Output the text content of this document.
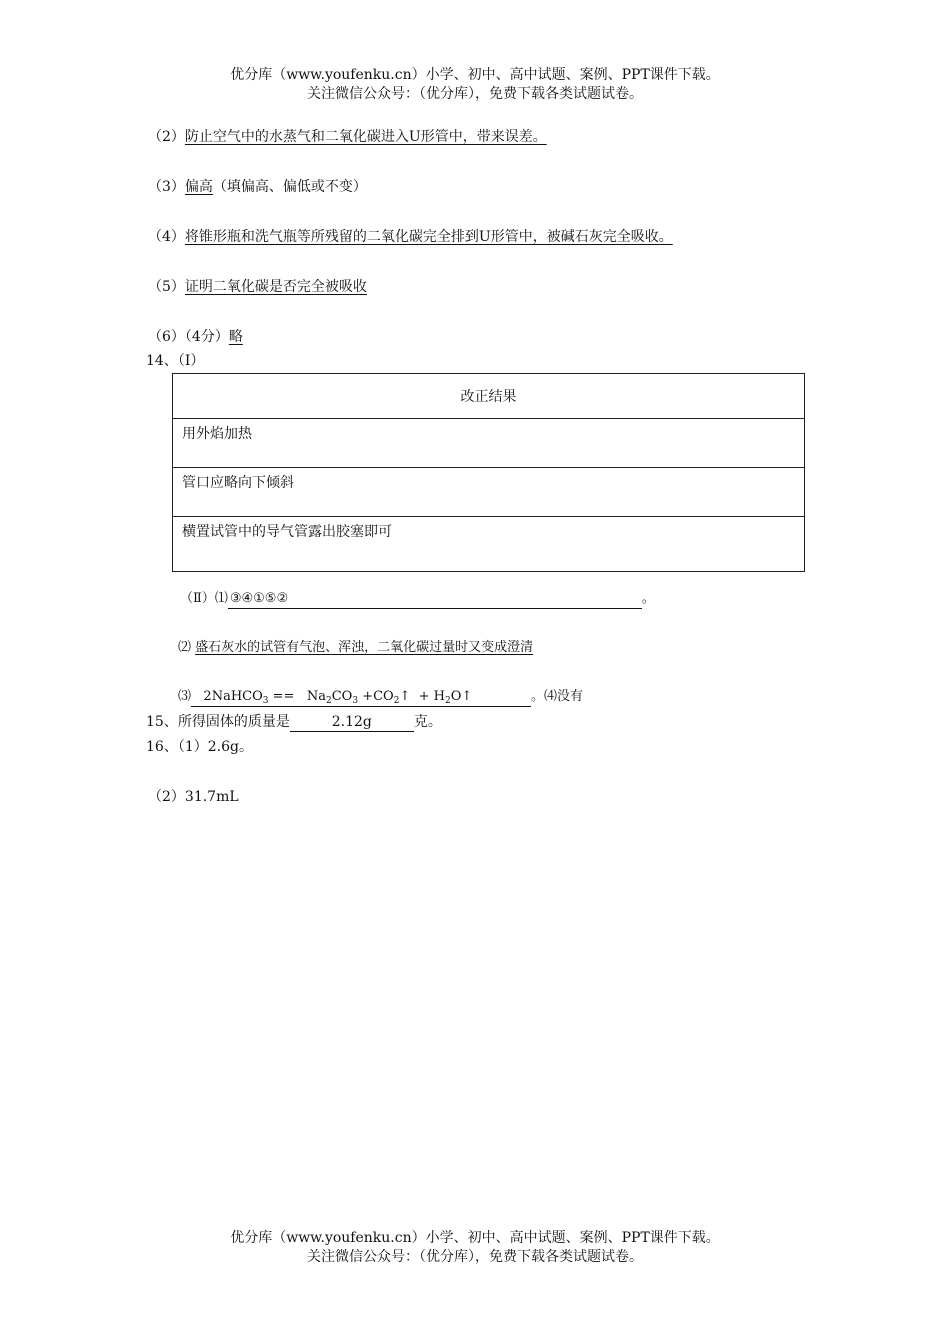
优分库（www.youfenku.cn）小学、初中、高中试题、案例、PPT课件下载。
关注微信公众号：（优分库），免费下载各类试题试卷。
（2）防止空气中的水蒸气和二氧化碳进入U形管中，带来误差。
（3）偏高（填偏高、偏低或不变）
（4）将锥形瓶和洗气瓶等所残留的二氧化碳完全排到U形管中，被碱石灰完全吸收。
（5）证明二氧化碳是否完全被吸收
（6）（4分）略
14、（Ⅰ）
改正结果
用外焰加热
管口应略向下倾斜
横置试管中的导气管露出胶塞即可
（Ⅱ）⑴ ③④①⑤②	。
⑵ 盛石灰水的试管有气泡、浑浊，二氧化碳过量时又变成澄清
⑶ 2NaHCO$_3$ == $Na_2CO_3$ $+CO_2↑$ + $H_2O↑$	。⑷没有
15、所得固体的质量是	2.12g	克。
16、（1）2.6g。
（2）31.7mL
优分库（www.youfenku.cn）小学、初中、高中试题、案例、PPT课件下载。
关注微信公众号：（优分库），免费下载各类试题试卷。
